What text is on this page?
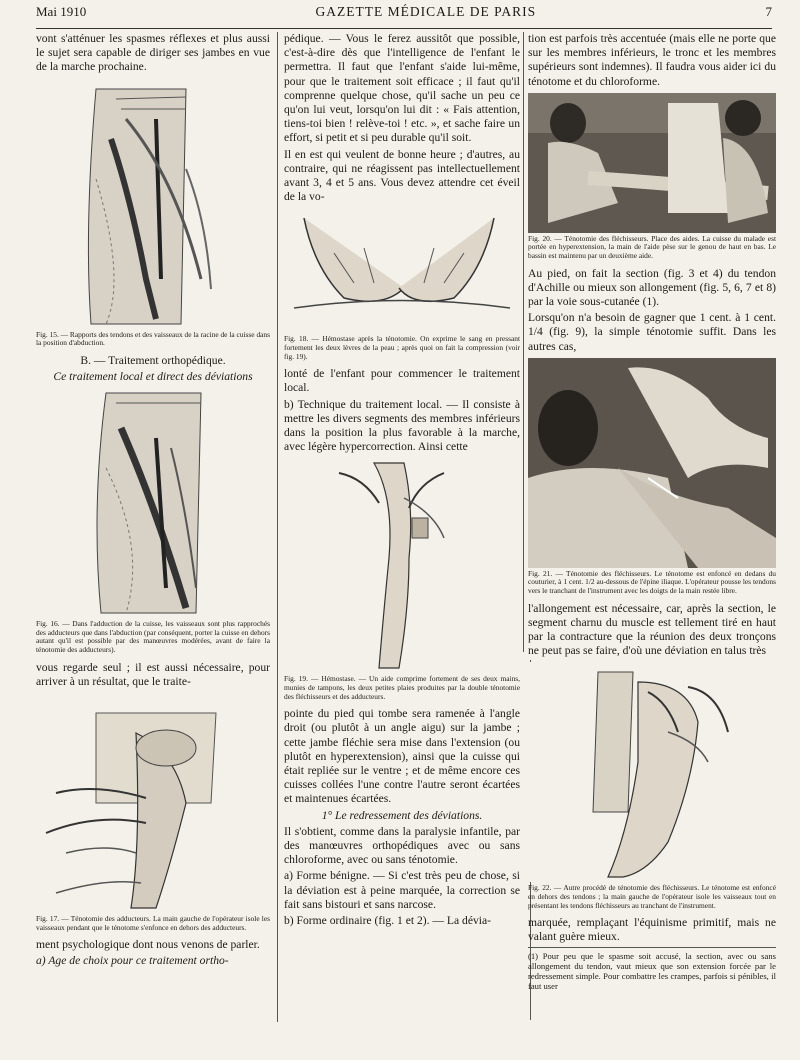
Mai 1910	GAZETTE MÉDICALE DE PARIS	7

vont s'atténuer les spasmes réflexes et plus aussi le sujet sera capable de diriger ses jambes en vue de la marche prochaine.

Fig. 15. — Rapports des tendons et des vaisseaux de la racine de la cuisse dans la position d'abduction.

B. — Traitement orthopédique.

Ce traitement local et direct des déviations

Fig. 16. — Dans l'adduction de la cuisse, les vaisseaux sont plus rapprochés des adducteurs que dans l'abduction (par conséquent, porter la cuisse en dehors autant qu'il est possible par des manœuvres modérées, avant de faire la ténotomie des adducteurs).

vous regarde seul ; il est aussi nécessaire, pour arriver à un résultat, que le traite-

Fig. 17. — Ténotomie des adducteurs. La main gauche de l'opérateur isole les vaisseaux pendant que le ténotome s'enfonce en dehors des adducteurs.

ment psychologique dont nous venons de parler.

a) Age de choix pour ce traitement ortho-

pédique. — Vous le ferez aussitôt que possible, c'est-à-dire dès que l'intelligence de l'enfant le permettra. Il faut que l'enfant s'aide lui-même, pour que le traitement soit efficace ; il faut qu'il comprenne quelque chose, qu'il sache un peu ce qu'on lui veut, lorsqu'on lui dit : « Fais attention, tiens-toi bien ! relève-toi ! etc. », et sache faire un effort, si petit et si peu durable qu'il soit.

Il en est qui veulent de bonne heure ; d'autres, au contraire, qui ne réagissent pas intellectuellement avant 3, 4 et 5 ans. Vous devez attendre cet éveil de la vo-

Fig. 18. — Hémostase après la ténotomie. On exprime le sang en pressant fortement les deux lèvres de la peau ; après quoi on fait la compression (voir fig. 19).

lonté de l'enfant pour commencer le traitement local.

b) Technique du traitement local. — Il consiste à mettre les divers segments des membres inférieurs dans la position la plus favorable à la marche, avec légère hypercorrection. Ainsi cette

Fig. 19. — Hémostase. — Un aide comprime fortement de ses deux mains, munies de tampons, les deux petites plaies produites par la double ténotomie des fléchisseurs et des adducteurs.

pointe du pied qui tombe sera ramenée à l'angle droit (ou plutôt à un angle aigu) sur la jambe ; cette jambe fléchie sera mise dans l'extension (ou plutôt en hyperextension), ainsi que la cuisse qui était repliée sur le ventre ; et de même encore ces cuisses collées l'une contre l'autre seront écartées et maintenues écartées.

1° Le redressement des déviations.

Il s'obtient, comme dans la paralysie infantile, par des manœuvres orthopédiques avec ou sans chloroforme, avec ou sans ténotomie.

a) Forme bénigne. — Si c'est très peu de chose, si la déviation est à peine marquée, la correction se fait sans bistouri et sans narcose.

b) Forme ordinaire (fig. 1 et 2). — La dévia-

tion est parfois très accentuée (mais elle ne porte que sur les membres inférieurs, le tronc et les membres supérieurs sont indemnes). Il faudra vous aider ici du ténotome et du chloroforme.

Fig. 20. — Ténotomie des fléchisseurs. Place des aides. La cuisse du malade est portée en hyperextension, la main de l'aide pèse sur le genou de haut en bas. Le bassin est maintenu par un deuxième aide.

Au pied, on fait la section (fig. 3 et 4) du tendon d'Achille ou mieux son allongement (fig. 5, 6, 7 et 8) par la voie sous-cutanée (1).

Lorsqu'on n'a besoin de gagner que 1 cent. à 1 cent. 1/4 (fig. 9), la simple ténotomie suffit. Dans les autres cas,

Fig. 21. — Ténotomie des fléchisseurs. Le ténotome est enfoncé en dedans du couturier, à 1 cent. 1/2 au-dessous de l'épine iliaque. L'opérateur pousse les tendons vers le tranchant de l'instrument avec les doigts de la main restée libre.

l'allongement est nécessaire, car, après la section, le segment charnu du muscle est tellement tiré en haut par la contracture que la réunion des deux tronçons ne peut pas se faire, d'où une déviation en talus très

Fig. 22. — Autre procédé de ténotomie des fléchisseurs. Le ténotome est enfoncé en dehors des tendons ; la main gauche de l'opérateur isole les vaisseaux tout en présentant les tendons fléchisseurs au tranchant de l'instrument.

marquée, remplaçant l'équinisme primitif, mais ne valant guère mieux.

(1) Pour peu que le spasme soit accusé, la section, avec ou sans allongement du tendon, vaut mieux que son extension forcée par le redressement simple. Pour combattre les crampes, parfois si pénibles, il faut user
